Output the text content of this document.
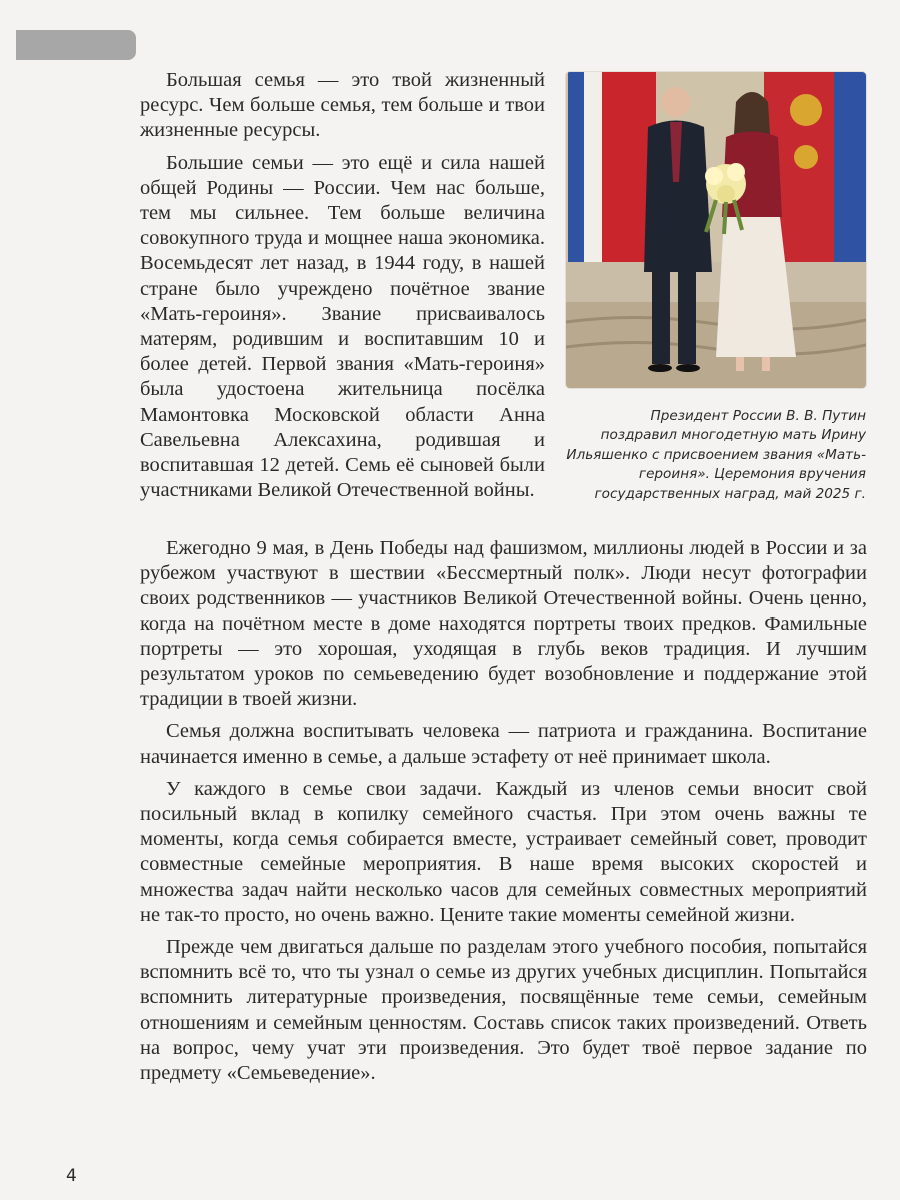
Президент России В. В. Путин поздравил многодетную мать Ирину Ильяшенко с присвоением звания «Мать-героиня». Церемония вручения государственных наград, май 2025 г.

Большая семья — это твой жизненный ресурс. Чем больше семья, тем больше и твои жизненные ресурсы.

Большие семьи — это ещё и сила нашей общей Родины — России. Чем нас больше, тем мы сильнее. Тем больше величина совокупного труда и мощнее наша экономика. Восемьдесят лет назад, в 1944 году, в нашей стране было учреждено почётное звание «Мать-героиня». Звание присваивалось матерям, родившим и воспитавшим 10 и более детей. Первой звания «Мать-героиня» была удостоена жительница посёлка Мамонтовка Московской области Анна Савельевна Алексахина, родившая и воспитавшая 12 детей. Семь её сыновей были участниками Великой Отечественной войны.

Ежегодно 9 мая, в День Победы над фашизмом, миллионы людей в России и за рубежом участвуют в шествии «Бессмертный полк». Люди несут фотографии своих родственников — участников Великой Отечественной войны. Очень ценно, когда на почётном месте в доме находятся портреты твоих предков. Фамильные портреты — это хорошая, уходящая в глубь веков традиция. И лучшим результатом уроков по семьеведению будет возобновление и поддержание этой традиции в твоей жизни.

Семья должна воспитывать человека — патриота и гражданина. Воспитание начинается именно в семье, а дальше эстафету от неё принимает школа.

У каждого в семье свои задачи. Каждый из членов семьи вносит свой посильный вклад в копилку семейного счастья. При этом очень важны те моменты, когда семья собирается вместе, устраивает семейный совет, проводит совместные семейные мероприятия. В наше время высоких скоростей и множества задач найти несколько часов для семейных совместных мероприятий не так-то просто, но очень важно. Цените такие моменты семейной жизни.

Прежде чем двигаться дальше по разделам этого учебного пособия, попытайся вспомнить всё то, что ты узнал о семье из других учебных дисциплин. Попытайся вспомнить литературные произведения, посвящённые теме семьи, семейным отношениям и семейным ценностям. Составь список таких произведений. Ответь на вопрос, чему учат эти произведения. Это будет твоё первое задание по предмету «Семьеведение».

4
